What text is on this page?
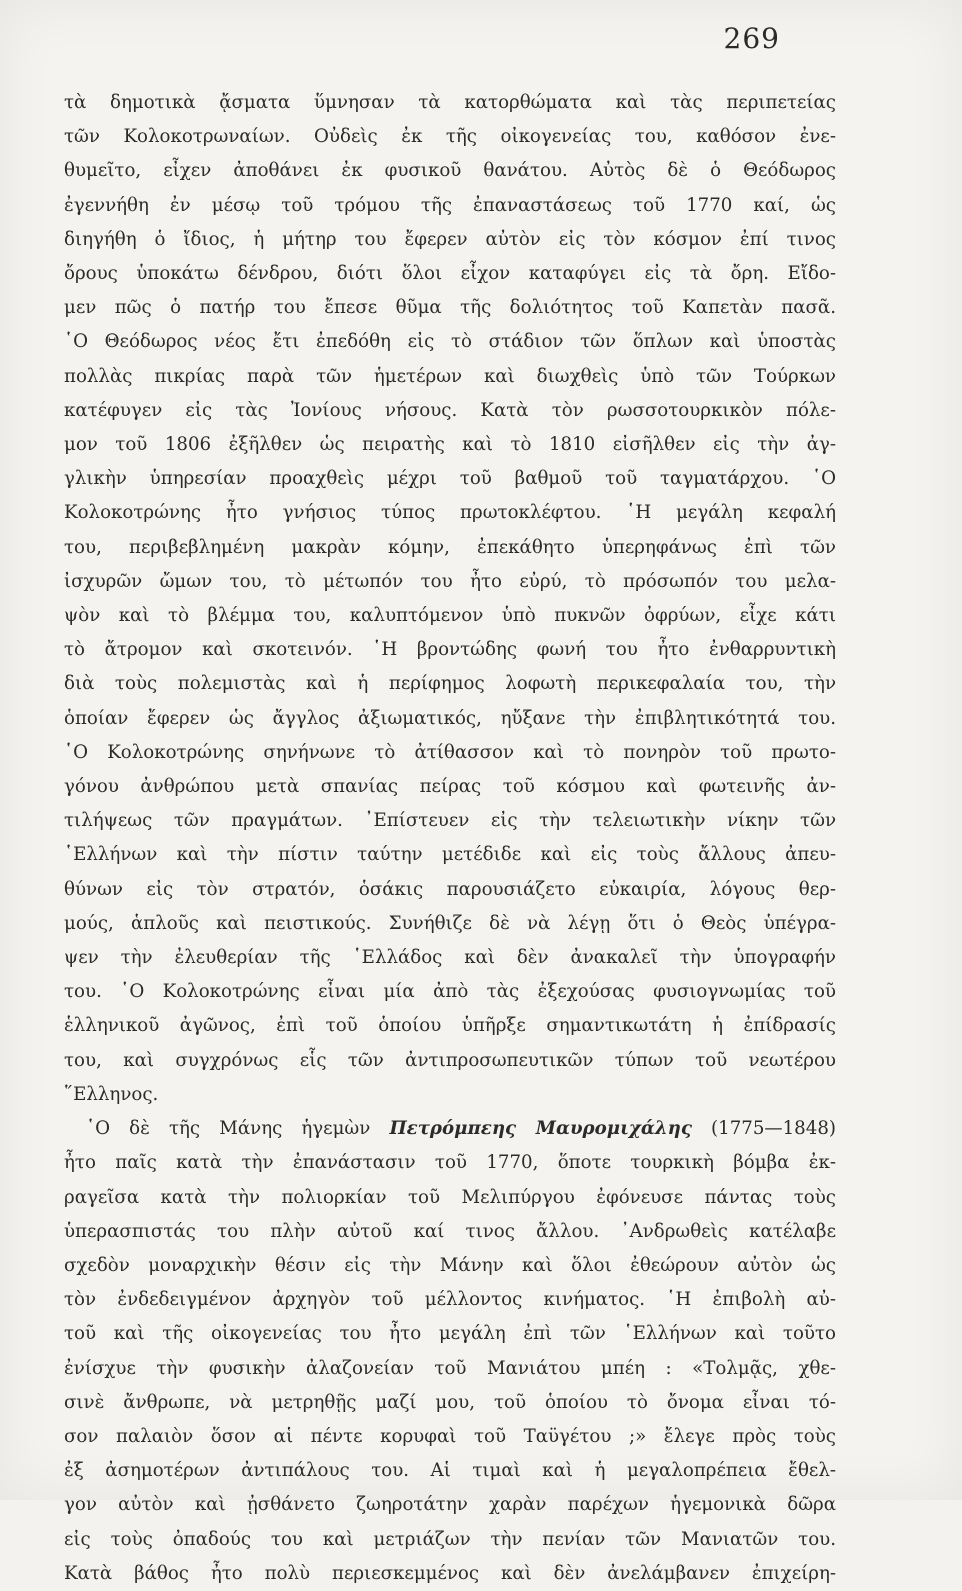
269
τὰ δημοτικὰ ᾄσματα ὕμνησαν τὰ κατορθώματα καὶ τὰς περιπετείας
τῶν Κολοκοτρωναίων. Οὐδεὶς ἐκ τῆς οἰκογενείας του, καθόσον ἐνε-
θυμεῖτο, εἶχεν ἀποθάνει ἐκ φυσικοῦ θανάτου. Αὐτὸς δὲ ὁ Θεόδωρος
ἐγεννήθη ἐν μέσῳ τοῦ τρόμου τῆς ἐπαναστάσεως τοῦ 1770 καί, ὡς
διηγήθη ὁ ἴδιος, ἡ μήτηρ του ἔφερεν αὐτὸν εἰς τὸν κόσμον ἐπί τινος
ὄρους ὑποκάτω δένδρου, διότι ὅλοι εἶχον καταφύγει εἰς τὰ ὄρη. Εἴδο-
μεν πῶς ὁ πατήρ του ἔπεσε θῦμα τῆς δολιότητος τοῦ Καπετὰν πασᾶ.
῾Ο Θεόδωρος νέος ἔτι ἐπεδόθη εἰς τὸ στάδιον τῶν ὅπλων καὶ ὑποστὰς
πολλὰς πικρίας παρὰ τῶν ἡμετέρων καὶ διωχθεὶς ὑπὸ τῶν Τούρκων
κατέφυγεν εἰς τὰς Ἰονίους νήσους. Κατὰ τὸν ρωσσοτουρκικὸν πόλε-
μον τοῦ 1806 ἐξῆλθεν ὡς πειρατὴς καὶ τὸ 1810 εἰσῆλθεν εἰς τὴν ἀγ-
γλικὴν ὑπηρεσίαν προαχθεὶς μέχρι τοῦ βαθμοῦ τοῦ ταγματάρχου. ῾Ο
Κολοκοτρώνης ἦτο γνήσιος τύπος πρωτοκλέφτου. ῾Η μεγάλη κεφαλή
του, περιβεβλημένη μακρὰν κόμην, ἐπεκάθητο ὑπερηφάνως ἐπὶ τῶν
ἰσχυρῶν ὤμων του, τὸ μέτωπόν του ἦτο εὐρύ, τὸ πρόσωπόν του μελα-
ψὸν καὶ τὸ βλέμμα του, καλυπτόμενον ὑπὸ πυκνῶν ὀφρύων, εἶχε κάτι
τὸ ἄτρομον καὶ σκοτεινόν. ῾Η βροντώδης φωνή του ἦτο ἐνθαρρυντικὴ
διὰ τοὺς πολεμιστὰς καὶ ἡ περίφημος λοφωτὴ περικεφαλαία του, τὴν
ὁποίαν ἔφερεν ὡς ἄγγλος ἀξιωματικός, ηὔξανε τὴν ἐπιβλητικότητά του.
῾Ο Κολοκοτρώνης σηνήνωνε τὸ ἀτίθασσον καὶ τὸ πονηρὸν τοῦ πρωτο-
γόνου ἀνθρώπου μετὰ σπανίας πείρας τοῦ κόσμου καὶ φωτεινῆς ἀν-
τιλήψεως τῶν πραγμάτων. ᾿Επίστευεν εἰς τὴν τελειωτικὴν νίκην τῶν
῾Ελλήνων καὶ τὴν πίστιν ταύτην μετέδιδε καὶ εἰς τοὺς ἄλλους ἀπευ-
θύνων εἰς τὸν στρατόν, ὁσάκις παρουσιάζετο εὐκαιρία, λόγους θερ-
μούς, ἁπλοῦς καὶ πειστικούς. Συνήθιζε δὲ νὰ λέγῃ ὅτι ὁ Θεὸς ὑπέγρα-
ψεν τὴν ἐλευθερίαν τῆς ῾Ελλάδος καὶ δὲν ἀνακαλεῖ τὴν ὑπογραφήν
του. ῾Ο Κολοκοτρώνης εἶναι μία ἀπὸ τὰς ἐξεχούσας φυσιογνωμίας τοῦ
ἑλληνικοῦ ἀγῶνος, ἐπὶ τοῦ ὁποίου ὑπῆρξε σημαντικωτάτη ἡ ἐπίδρασίς
του, καὶ συγχρόνως εἷς τῶν ἀντιπροσωπευτικῶν τύπων τοῦ νεωτέρου
῞Ελληνος.
῾Ο δὲ τῆς Μάνης ἡγεμὼν Πετρόμπεης Μαυρομιχάλης (1775—1848)
ἦτο παῖς κατὰ τὴν ἐπανάστασιν τοῦ 1770, ὅποτε τουρκικὴ βόμβα ἐκ-
ραγεῖσα κατὰ τὴν πολιορκίαν τοῦ Μελιπύργου ἐφόνευσε πάντας τοὺς
ὑπερασπιστάς του πλὴν αὐτοῦ καί τινος ἄλλου. ᾿Ανδρωθεὶς κατέλαβε
σχεδὸν μοναρχικὴν θέσιν εἰς τὴν Μάνην καὶ ὅλοι ἐθεώρουν αὐτὸν ὡς
τὸν ἐνδεδειγμένον ἀρχηγὸν τοῦ μέλλοντος κινήματος. ῾Η ἐπιβολὴ αὐ-
τοῦ καὶ τῆς οἰκογενείας του ἦτο μεγάλη ἐπὶ τῶν ῾Ελλήνων καὶ τοῦτο
ἐνίσχυε τὴν φυσικὴν ἀλαζονείαν τοῦ Μανιάτου μπέη : «Τολμᾷς, χθε-
σινὲ ἄνθρωπε, νὰ μετρηθῇς μαζί μου, τοῦ ὁποίου τὸ ὄνομα εἶναι τό-
σον παλαιὸν ὅσον αἱ πέντε κορυφαὶ τοῦ Ταϋγέτου ;» ἔλεγε πρὸς τοὺς
ἐξ ἀσημοτέρων ἀντιπάλους του. Αἱ τιμαὶ καὶ ἡ μεγαλοπρέπεια ἔθελ-
γον αὐτὸν καὶ ᾐσθάνετο ζωηροτάτην χαρὰν παρέχων ἡγεμονικὰ δῶρα
εἰς τοὺς ὀπαδούς του καὶ μετριάζων τὴν πενίαν τῶν Μανιατῶν του.
Κατὰ βάθος ἦτο πολὺ περιεσκεμμένος καὶ δὲν ἀνελάμβανεν ἐπιχείρη-
